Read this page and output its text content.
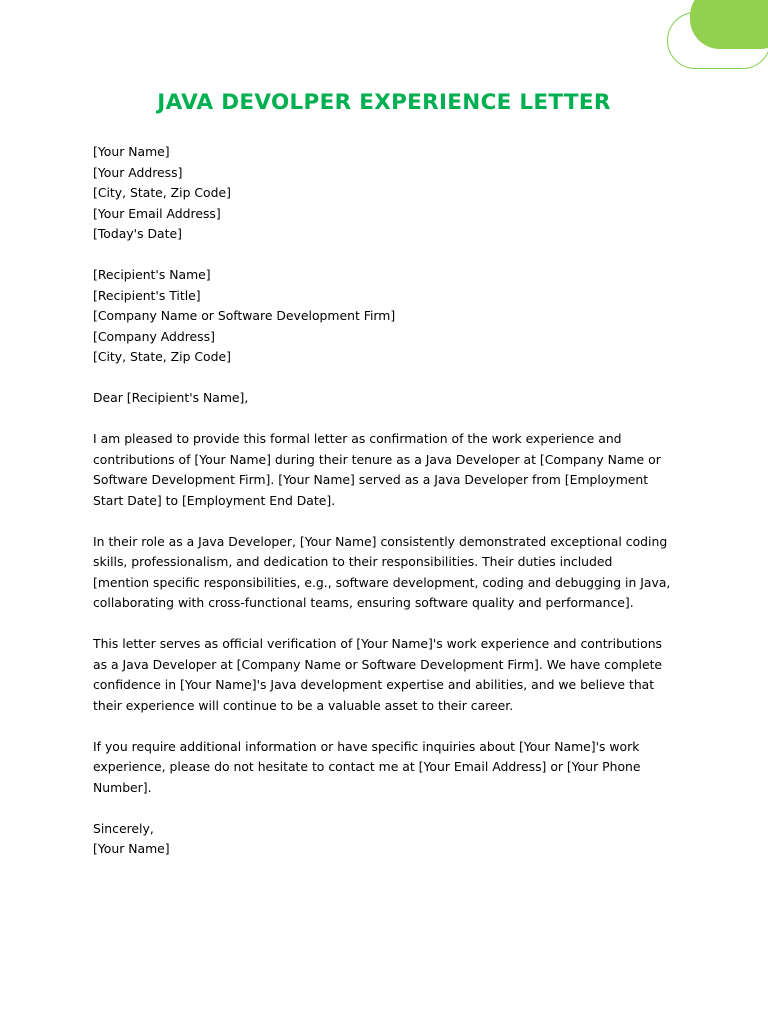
JAVA DEVOLPER EXPERIENCE LETTER
[Your Name]
[Your Address]
[City, State, Zip Code]
[Your Email Address]
[Today's Date]
[Recipient's Name]
[Recipient's Title]
[Company Name or Software Development Firm]
[Company Address]
[City, State, Zip Code]
Dear [Recipient's Name],
I am pleased to provide this formal letter as confirmation of the work experience and
contributions of [Your Name] during their tenure as a Java Developer at [Company Name or
Software Development Firm]. [Your Name] served as a Java Developer from [Employment
Start Date] to [Employment End Date].
In their role as a Java Developer, [Your Name] consistently demonstrated exceptional coding
skills, professionalism, and dedication to their responsibilities. Their duties included
[mention specific responsibilities, e.g., software development, coding and debugging in Java,
collaborating with cross-functional teams, ensuring software quality and performance].
This letter serves as official verification of [Your Name]'s work experience and contributions
as a Java Developer at [Company Name or Software Development Firm]. We have complete
confidence in [Your Name]'s Java development expertise and abilities, and we believe that
their experience will continue to be a valuable asset to their career.
If you require additional information or have specific inquiries about [Your Name]'s work
experience, please do not hesitate to contact me at [Your Email Address] or [Your Phone
Number].
Sincerely,
[Your Name]
